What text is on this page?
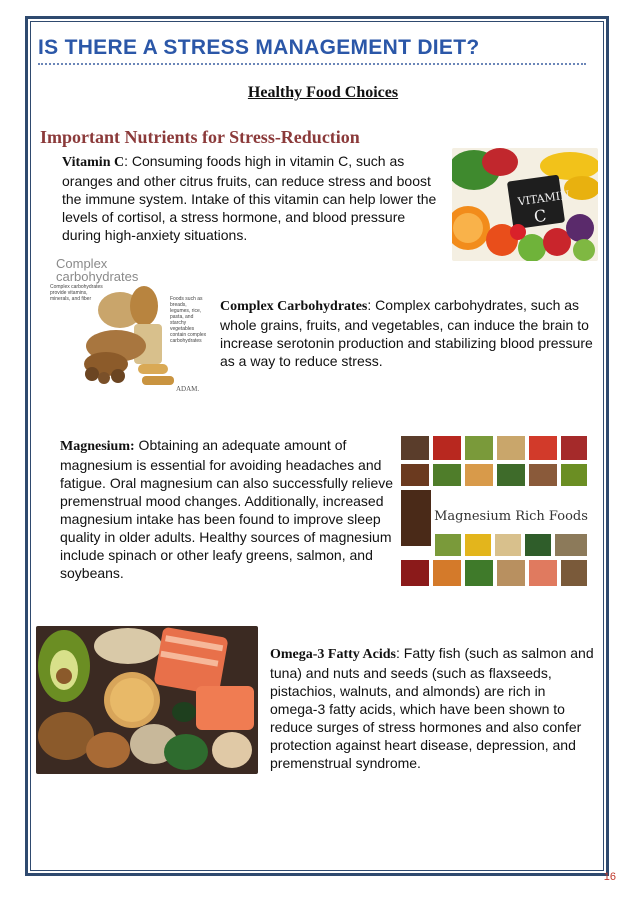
IS THERE A STRESS MANAGEMENT DIET?
Healthy Food Choices
Important Nutrients for Stress-Reduction
Vitamin C: Consuming foods high in vitamin C, such as oranges and other citrus fruits, can reduce stress and boost the immune system. Intake of this vitamin can help lower the levels of cortisol, a stress hormone, and blood pressure during high-anxiety situations.
VITAMIN
C
Complex
carbohydrates
Complex carbohydrates provide vitamins, minerals, and fiber	Foods such as breads, legumes, rice, pasta, and starchy vegetables contain complex carbohydrates
ADAM.
Complex Carbohydrates: Complex carbohydrates, such as whole grains, fruits, and vegetables, can induce the brain to increase serotonin production and stabilizing blood pressure as a way to reduce stress.
Magnesium: Obtaining an adequate amount of magnesium is essential for avoiding headaches and fatigue. Oral magnesium can also successfully relieve premenstrual mood changes. Additionally, increased magnesium intake has been found to improve sleep quality in older adults. Healthy sources of magnesium include spinach or other leafy greens, salmon, and soybeans.
Magnesium Rich Foods
Omega-3 Fatty Acids: Fatty fish (such as salmon and tuna) and nuts and seeds (such as flaxseeds, pistachios, walnuts, and almonds) are rich in omega-3 fatty acids, which have been shown to reduce surges of stress hormones and also confer protection against heart disease, depression, and premenstrual syndrome.
16
